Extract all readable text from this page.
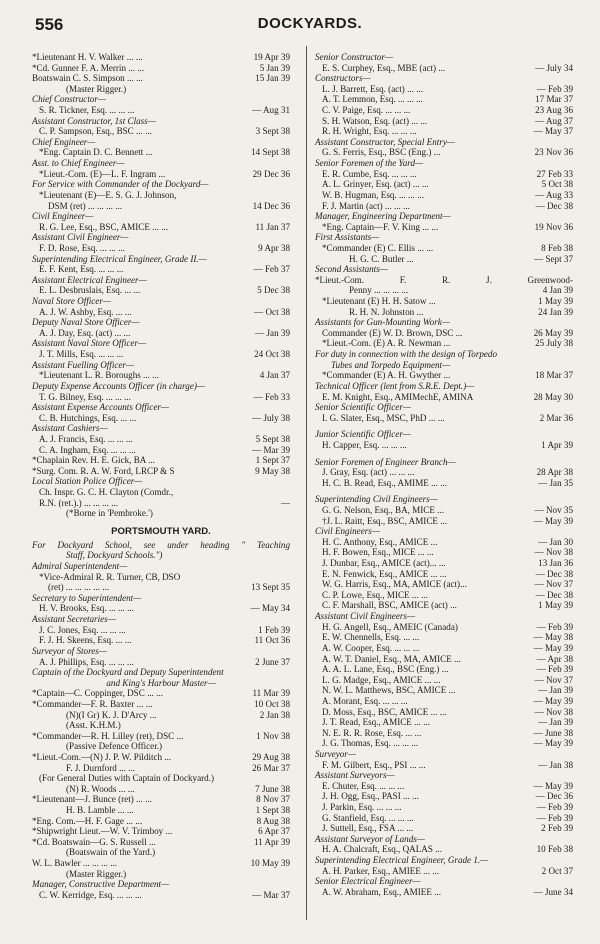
556	DOCKYARDS.
*Lieutenant H. V. Walker ... ...	19 Apr 39
*Cd. Gunner F. A. Merrin ... ...	5 Jan 39
Boatswain C. S. Simpson ... ...	15 Jan 39
(Master Rigger.)
Chief Constructor—
S. R. Tickner, Esq. ... ... ...	— Aug 31
Assistant Constructor, 1st Class—
C. P. Sampson, Esq., BSC ... ...	3 Sept 38
Chief Engineer—
*Eng. Captain D. C. Bennett ...	14 Sept 38
Asst. to Chief Engineer—
*Lieut.-Com. (E)—L. F. Ingram ...	29 Dec 36
For Service with Commander of the Dockyard—
*Lieutenant (E)—E. S. G. J. Johnson,
DSM (ret) ... ... ... ...	14 Dec 36
Civil Engineer—
R. G. Lee, Esq., BSC, AMICE ... ...	11 Jan 37
Assistant Civil Engineer—
F. D. Rose, Esq. ... ... ...	9 Apr 38
Superintending Electrical Engineer, Grade II.—
E. F. Kent, Esq. ... ... ...	— Feb 37
Assistant Electrical Engineer—
E. L. Desbruslais, Esq. ... ...	5 Dec 38
Naval Store Officer—
A. J. W. Ashby, Esq. ... ...	— Oct 38
Deputy Naval Store Officer—
A. J. Day, Esq. (act) ... ...	— Jan 39
Assistant Naval Store Officer—
J. T. Mills, Esq. ... ... ...	24 Oct 38
Assistant Fuelling Officer—
*Lieutenant L. R. Boroughs ... ...	4 Jan 37
Deputy Expense Accounts Officer (in charge)—
T. G. Bilney, Esq. ... ... ...	— Feb 33
Assistant Expense Accounts Officer—
C. B. Hutchings, Esq. ... ...	— July 38
Assistant Cashiers—
A. J. Francis, Esq. ... ... ...	5 Sept 38
C. A. Ingham, Esq. ... ... ...	— Mar 39
*Chaplain Rev. H. E. Gick, BA ...	1 Sept 37
*Surg. Com. R. A. W. Ford, LRCP & S	9 May 38
Local Station Police Officer—
Ch. Inspr. G. C. H. Clayton (Comdr.,
R.N. (ret.).) ... ... ... ...	—
(*Borne in 'Pembroke.')
PORTSMOUTH YARD.
For Dockyard School, see under heading " Teaching
Staff, Dockyard Schools.")
Admiral Superintendent—
*Vice-Admiral R. R. Turner, CB, DSO
(ret) ... ... ... ... ...	13 Sept 35
Secretary to Superintendent—
H. V. Brooks, Esq. ... ... ...	— May 34
Assistant Secretaries—
J. C. Jones, Esq. ... ... ...	1 Feb 39
F. J. H. Skeens, Esq. ... ...	11 Oct 36
Surveyor of Stores—
A. J. Phillips, Esq. ... ... ...	2 June 37
Captain of the Dockyard and Deputy Superintendent
and King's Harbour Master—
*Captain—C. Coppinger, DSC ... ...	11 Mar 39
*Commander—F. R. Baxter ... ...	10 Oct 38
(N)(I Gr) K. J. D'Arcy ...	2 Jan 38
(Asst. K.H.M.)
*Commander—R. H. Lilley (ret), DSC ...	1 Nov 38
(Passive Defence Officer.)
*Lieut.-Com.—(N) J. P. W. Pilditch ...	29 Aug 38
F. J. Durnford ... ...	26 Mar 37
(For General Duties with Captain of Dockyard.)
(N) R. Woods ... ...	7 June 38
*Lieutenant—J. Bunce (ret) ... ...	8 Nov 37
H. B. Lamble ... ...	1 Sept 38
*Eng. Com.—H. F. Gage ... ...	8 Aug 38
*Shipwright Lieut.—W. V. Trimboy ...	6 Apr 37
*Cd. Boatswain—G. S. Russell ...	11 Apr 39
(Boatswain of the Yard.)
W. L. Bawler ... ... ... ...	10 May 39
(Master Rigger.)
Manager, Constructive Department—
C. W. Kerridge, Esq. ... ... ...	— Mar 37
Senior Constructor—
E. S. Curphey, Esq., MBE (act) ...	— July 34
Constructors—
L. J. Barrett, Esq. (act) ... ...	— Feb 39
A. T. Lemmon, Esq. ... ... ...	17 Mar 37
C. V. Paige, Esq. ... ... ...	23 Aug 36
S. H. Watson, Esq. (act) ... ...	— Aug 37
R. H. Wright, Esq. ... ... ...	— May 37
Assistant Constructor, Special Entry—
G. S. Ferris, Esq., BSC (Eng.) ...	23 Nov 36
Senior Foremen of the Yard—
E. R. Cumbe, Esq. ... ... ...	27 Feb 33
A. L. Grinyer, Esq. (act) ... ...	5 Oct 38
W. B. Hugman, Esq. ... ... ...	— Aug 33
F. J. Martin (act) ... ... ...	— Dec 38
Manager, Engineering Department—
*Eng. Captain—F. V. King ... ...	19 Nov 36
First Assistants—
*Commander (E) C. Ellis ... ...	8 Feb 38
H. G. C. Butler ...	— Sept 37
Second Assistants—
*Lieut.-Com. F. R. J. Greenwood-
Penny ... ... ... ...	4 Jan 39
*Lieutenant (E) H. H. Satow ...	1 May 39
R. H. N. Johnston ...	24 Jan 39
Assistants for Gun-Mounting Work—
Commander (E) W. D. Brown, DSC ...	26 May 39
*Lieut.-Com. (E) A. R. Newman ...	25 July 38
For duty in connection with the design of Torpedo
Tubes and Torpedo Equipment—
*Commander (E) A. H. Gwyther ...	18 Mar 37
Technical Officer (lent from S.R.E. Dept.)—
E. M. Knight, Esq., AMIMechE, AMINA	28 May 30
Senior Scientific Officer—
I. G. Slater, Esq., MSC, PhD ... ...	2 Mar 36
Junior Scientific Officer—
H. Capper, Esq. ... ... ...	1 Apr 39
Senior Foremen of Engineer Branch—
J. Gray, Esq. (act) ... ... ...	28 Apr 38
H. C. B. Read, Esq., AMIME ... ...	— Jan 35
Superintending Civil Engineers—
G. G. Nelson, Esq., BA, MICE ...	— Nov 35
†J. L. Raitt, Esq., BSC, AMICE ...	— May 39
Civil Engineers—
H. C. Anthony, Esq., AMICE ...	— Jan 30
H. F. Bowen, Esq., MICE ... ...	— Nov 38
J. Dunbar, Esq., AMICE (act)... ...	13 Jan 36
E. N. Fenwick, Esq., AMICE ... ...	— Dec 38
W. G. Harris, Esq., MA, AMICE (act)...	— Nov 37
C. P. Lowe, Esq., MICE ... ...	— Dec 38
C. F. Marshall, BSC, AMICE (act) ...	1 May 39
Assistant Civil Engineers—
H. G. Angell, Esq., AMEIC (Canada)	— Feb 39
E. W. Chennells, Esq. ... ...	— May 38
A. W. Cooper, Esq. ... ... ...	— May 39
A. W. T. Daniel, Esq., MA, AMICE ...	— Apr 38
A. A. L. Lane, Esq., BSC (Eng.) ...	— Feb 39
L. G. Madge, Esq., AMICE ... ...	— Nov 37
N. W. L. Matthews, BSC, AMICE ...	— Jan 39
A. Morant, Esq. ... ... ...	— May 39
D. Moss, Esq., BSC, AMICE ... ...	— Nov 38
J. T. Read, Esq., AMICE ... ...	— Jan 39
N. E. R. R. Rose, Esq. ... ...	— June 38
J. G. Thomas, Esq. ... ... ...	— May 39
Surveyor—
F. M. Gilbert, Esq., PSI ... ...	— Jan 38
Assistant Surveyors—
E. Chuter, Esq. ... ... ...	— May 39
J. H. Ogg, Esq., PASI ... ...	— Dec 36
J. Parkin, Esq. ... ... ...	— Feb 39
G. Stanfield, Esq. ... ... ...	— Feb 39
J. Suttell, Esq., FSA ... ...	2 Feb 39
Assistant Surveyor of Lands—
H. A. Chalcraft, Esq., QALAS ...	10 Feb 38
Superintending Electrical Engineer, Grade 1.—
A. H. Parker, Esq., AMIEE ... ...	2 Oct 37
Senior Electrical Engineer—
A. W. Abraham, Esq., AMIEE ...	— June 34
